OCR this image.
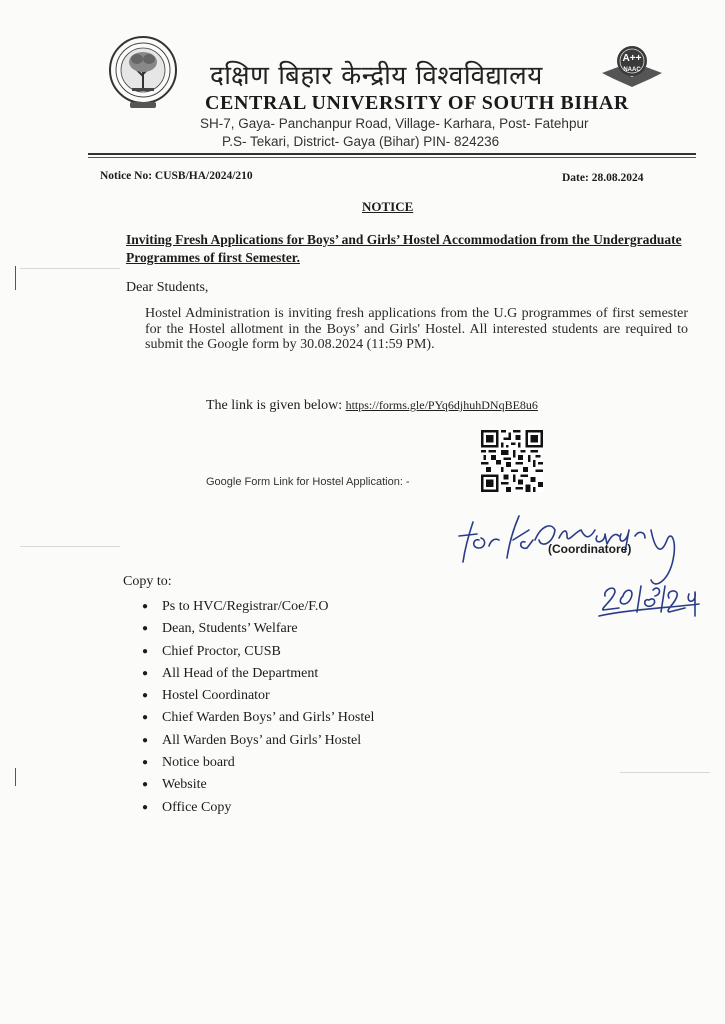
दक्षिण बिहार केन्द्रीय विश्वविद्यालय
CENTRAL UNIVERSITY OF SOUTH BIHAR
SH-7, Gaya- Panchanpur Road, Village- Karhara, Post- Fatehpur
P.S- Tekari, District- Gaya (Bihar) PIN- 824236
A++
NAAC
Notice No: CUSB/HA/2024/210	Date: 28.08.2024
NOTICE
Inviting Fresh Applications for Boys’ and Girls’ Hostel Accommodation from the Undergraduate Programmes of first Semester.
Dear Students,
Hostel Administration is inviting fresh applications from the U.G programmes of first semester for the Hostel allotment in the Boys’ and Girls' Hostel. All interested students are required to submit the Google form by 30.08.2024 (11:59 PM).
The link is given below: https://forms.gle/PYq6djhuhDNqBE8u6
Google Form Link for Hostel Application: -
(Coordinatore)
Copy to:
● Ps to HVC/Registrar/Coe/F.O
● Dean, Students’ Welfare
● Chief Proctor, CUSB
● All Head of the Department
● Hostel Coordinator
● Chief Warden Boys’ and Girls’ Hostel
● All Warden Boys’ and Girls’ Hostel
● Notice board
● Website
● Office Copy
